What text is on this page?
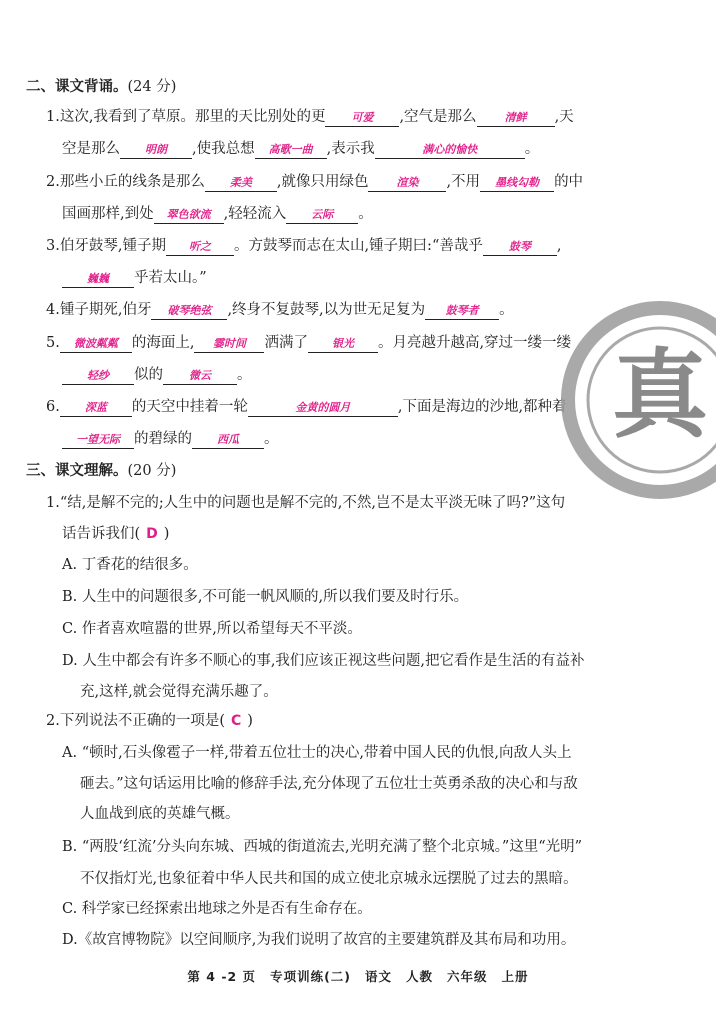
二、课文背诵。(24 分)
1.这次,我看到了草原。那里的天比别处的更 可爱 ,空气是那么	清鲜 ,天
空是那么 明朗 ,使我总想 高歌一曲 ,表示我	满心的愉快	。
2.那些小丘的线条是那么 柔美 ,就像只用绿色	渲染 ,不用 墨线勾勒 的中
国画那样,到处 翠色欲流 ,轻轻流入 云际 。
3.伯牙鼓琴,锺子期 听之 。方鼓琴而志在太山,锺子期曰:“善哉乎 鼓琴 ,
巍巍 乎若太山。”
4.锺子期死,伯牙 破琴绝弦 ,终身不复鼓琴,以为世无足复为 鼓琴者 。
5. 微波粼粼 的海面上, 霎时间 洒满了 银光 。月亮越升越高,穿过一缕一缕
轻纱 似的 微云 。
6. 深蓝 的天空中挂着一轮	金黄的圆月	,下面是海边的沙地,都种着
一望无际 的碧绿的 西瓜 。
三、课文理解。(20 分)
1.“结,是解不完的;人生中的问题也是解不完的,不然,岂不是太平淡无味了吗?”这句
话告诉我们( D )
A. 丁香花的结很多。
B. 人生中的问题很多,不可能一帆风顺的,所以我们要及时行乐。
C. 作者喜欢喧嚣的世界,所以希望每天不平淡。
D. 人生中都会有许多不顺心的事,我们应该正视这些问题,把它看作是生活的有益补
充,这样,就会觉得充满乐趣了。
2.下列说法不正确的一项是( C )
A. “顿时,石头像雹子一样,带着五位壮士的决心,带着中国人民的仇恨,向敌人头上
砸去。”这句话运用比喻的修辞手法,充分体现了五位壮士英勇杀敌的决心和与敌
人血战到底的英雄气概。
B. “两股‘红流’分头向东城、西城的街道流去,光明充满了整个北京城。”这里“光明”
不仅指灯光,也象征着中华人民共和国的成立使北京城永远摆脱了过去的黑暗。
C. 科学家已经探索出地球之外是否有生命存在。
D.《故宫博物院》以空间顺序,为我们说明了故宫的主要建筑群及其布局和功用。
第 4 -2 页 专项训练(二) 语文 人教 六年级 上册
真
